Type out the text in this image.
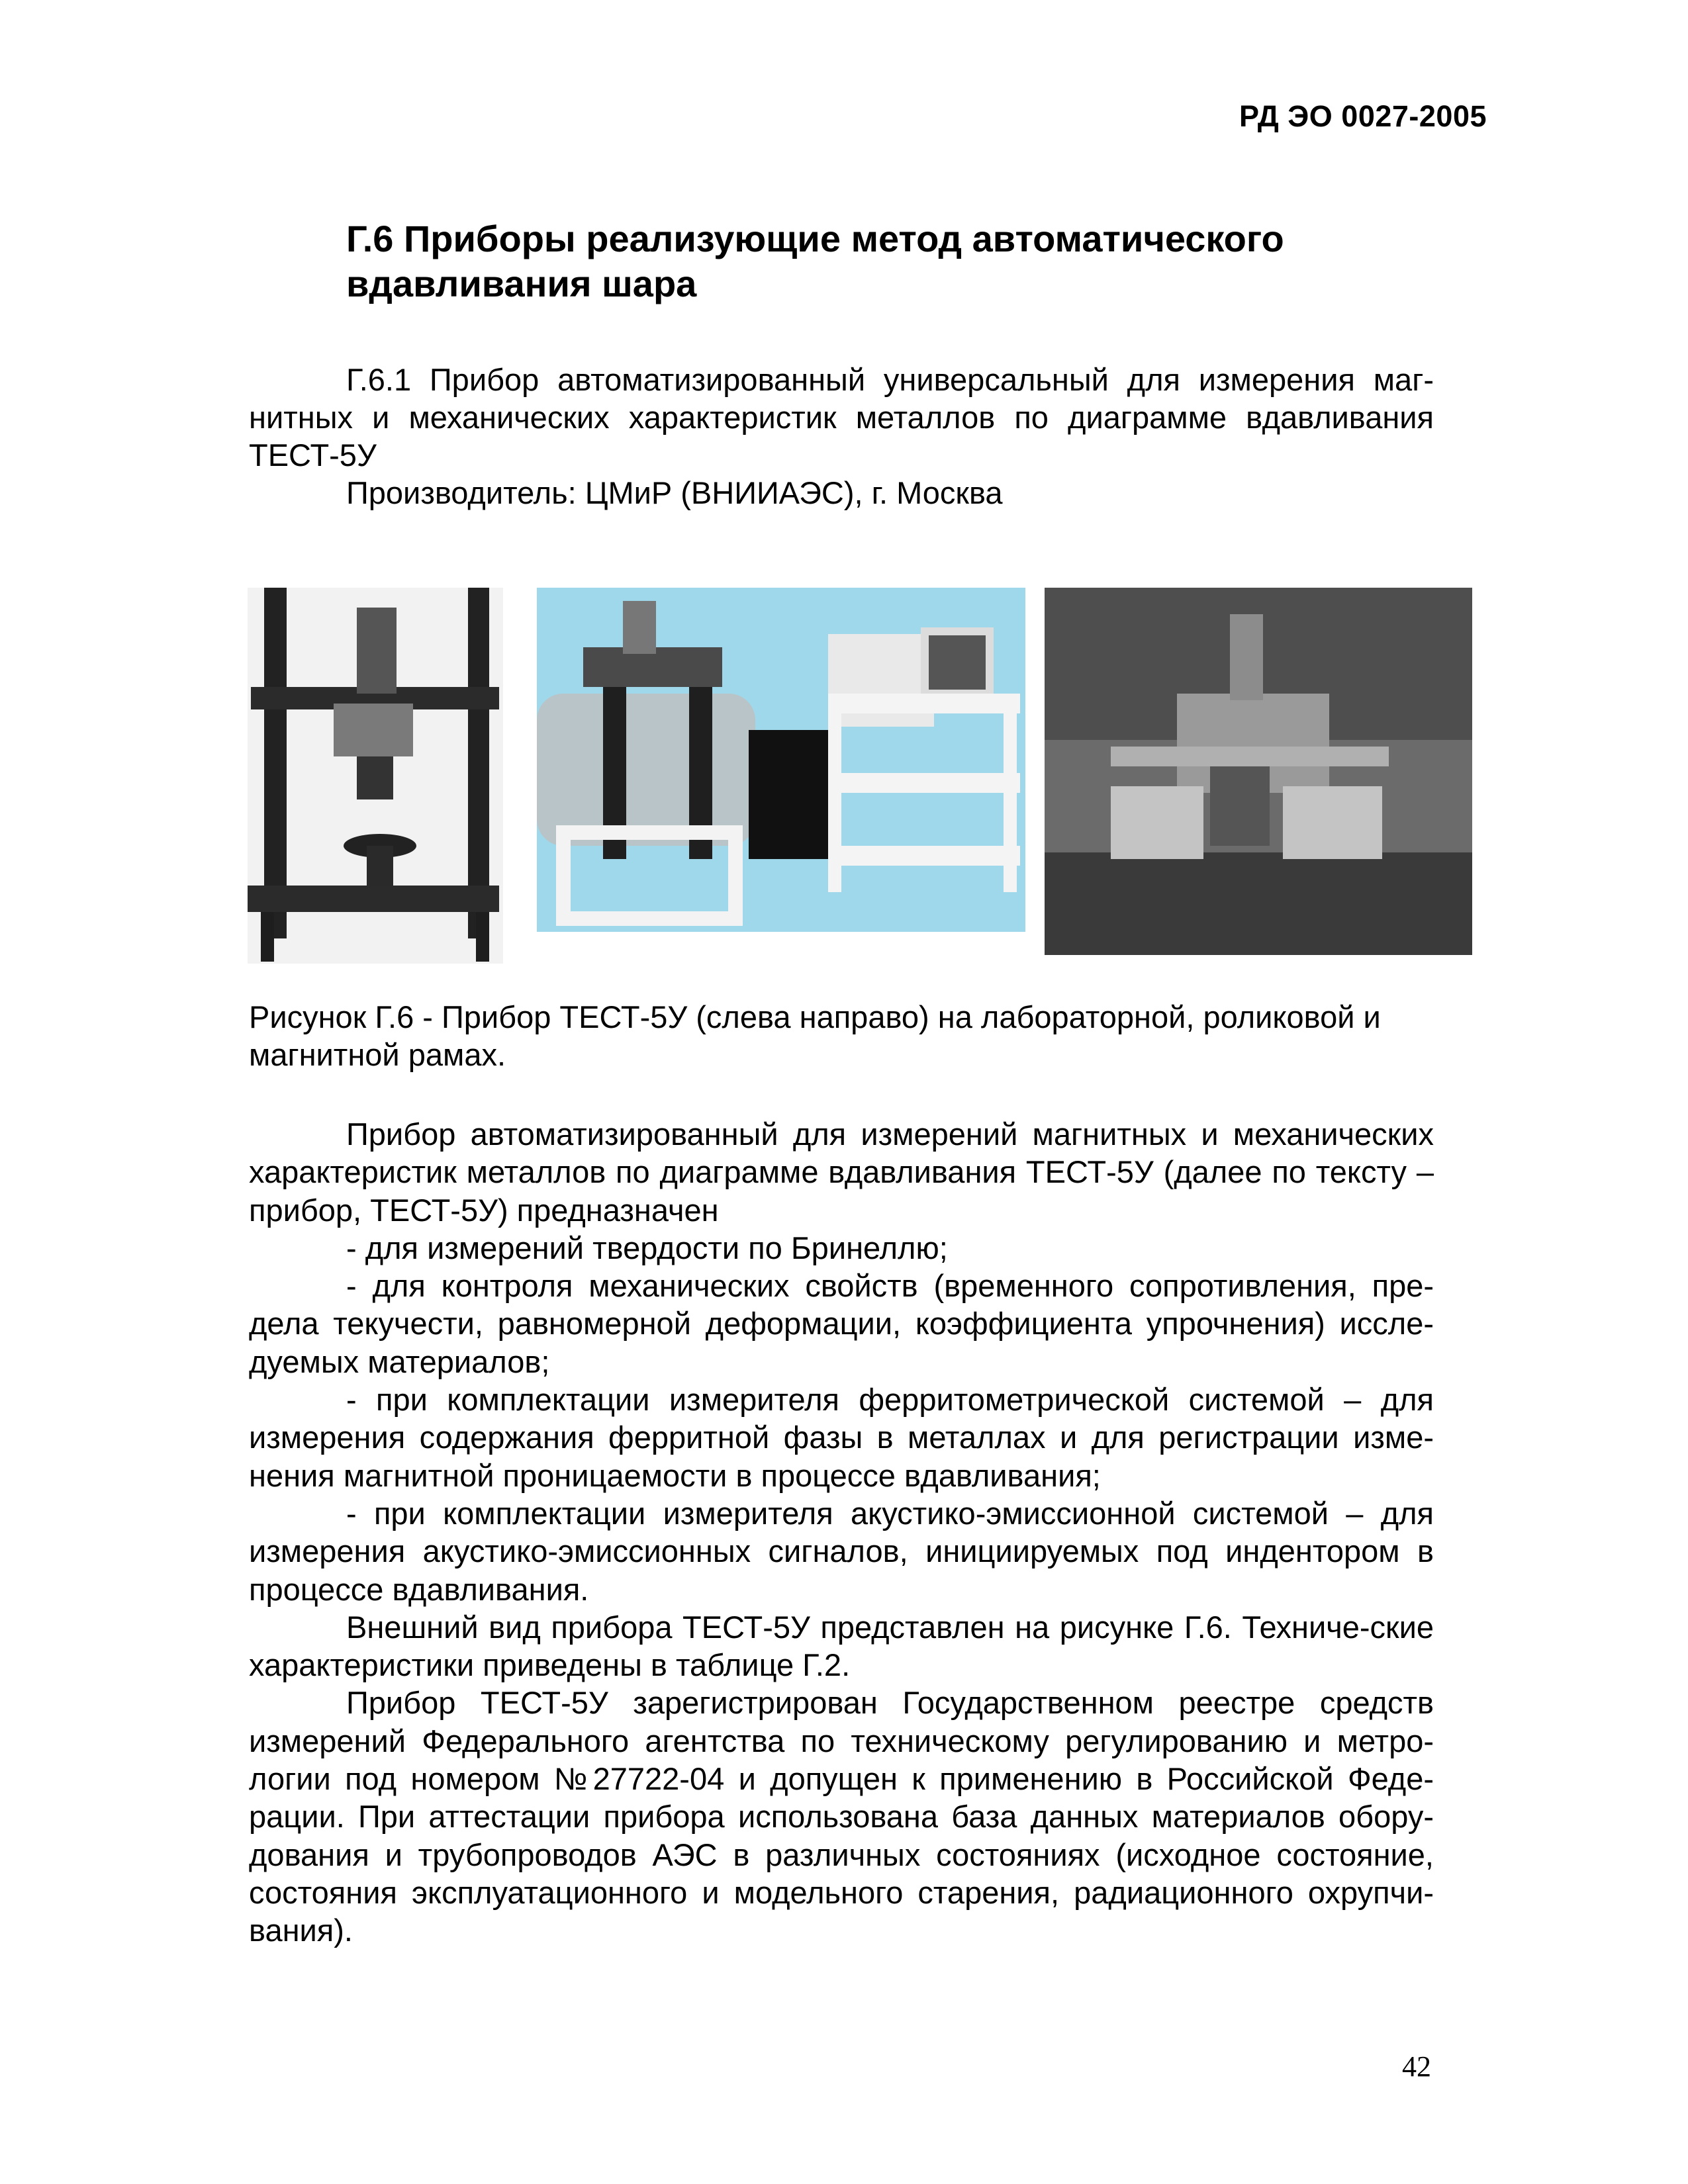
РД ЭО 0027-2005
Г.6 Приборы реализующие метод автоматического
вдавливания шара

Г.6.1 Прибор автоматизированный универсальный для измерения маг-нитных и механических характеристик металлов по диаграмме вдавливания ТЕСТ-5У

Производитель: ЦМиР (ВНИИАЭС), г. Москва
Рисунок Г.6 - Прибор ТЕСТ-5У (слева направо) на лабораторной, роликовой и магнитной рамах.

Прибор автоматизированный для измерений магнитных и механических характеристик металлов по диаграмме вдавливания ТЕСТ-5У (далее по тексту – прибор, ТЕСТ-5У) предназначен

- для измерений твердости по Бринеллю;

- для контроля механических свойств (временного сопротивления, пре-дела текучести, равномерной деформации, коэффициента упрочнения) иссле-дуемых материалов;

- при комплектации измерителя ферритометрической системой – для измерения содержания ферритной фазы в металлах и для регистрации изме-нения магнитной проницаемости в процессе вдавливания;

- при комплектации измерителя акустико-эмиссионной системой – для измерения акустико-эмиссионных сигналов, инициируемых под индентором в процессе вдавливания.

Внешний вид прибора ТЕСТ-5У представлен на рисунке Г.6. Техниче-ские характеристики приведены в таблице Г.2.

Прибор ТЕСТ-5У зарегистрирован Государственном реестре средств измерений Федерального агентства по техническому регулированию и метро-логии под номером №27722-04 и допущен к применению в Российской Феде-рации. При аттестации прибора использована база данных материалов обору-дования и трубопроводов АЭС в различных состояниях (исходное состояние, состояния эксплуатационного и модельного старения, радиационного охрупчи-вания).

42
